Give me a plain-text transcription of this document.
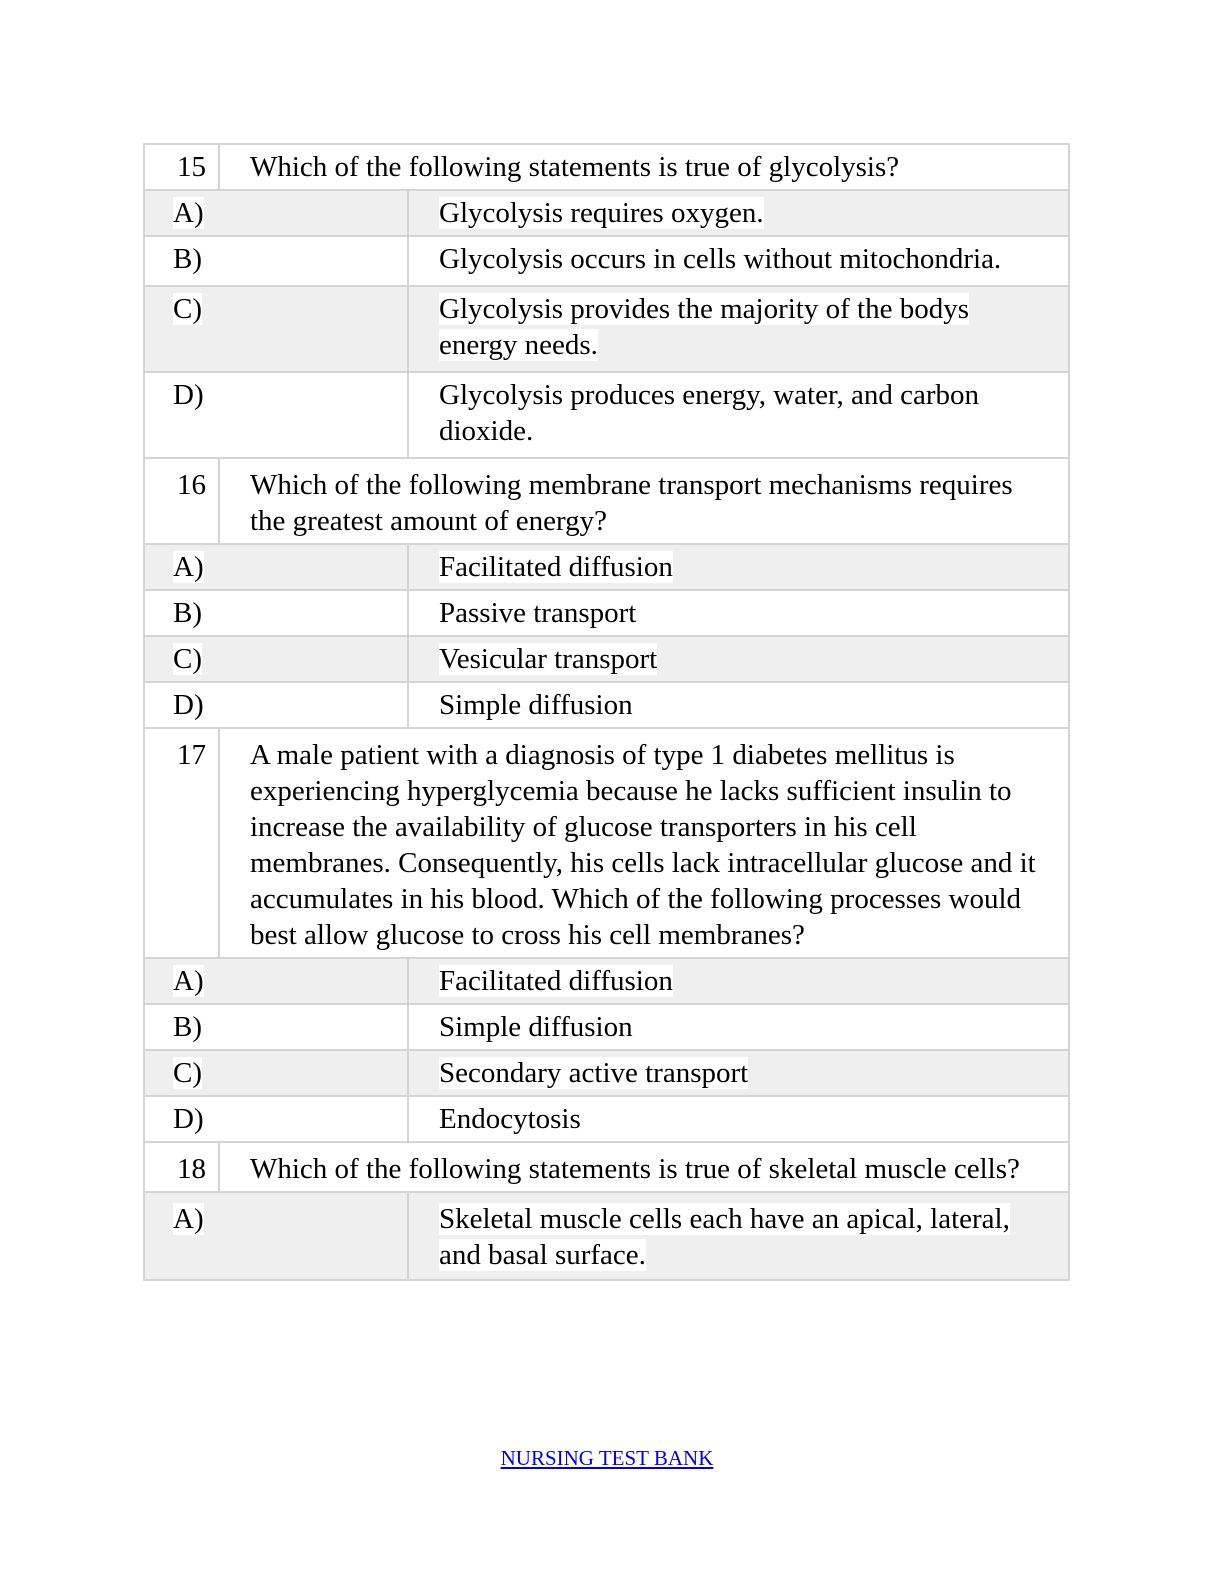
15	Which of the following statements is true of glycolysis?	
A)		Glycolysis requires oxygen.
B)		Glycolysis occurs in cells without mitochondria.
C)		Glycolysis provides the majority of the bodys energy needs.
D)		Glycolysis produces energy, water, and carbon dioxide.
16	Which of the following membrane transport mechanisms requires the greatest amount of energy?	
A)		Facilitated diffusion
B)		Passive transport
C)		Vesicular transport
D)		Simple diffusion
17	A male patient with a diagnosis of type 1 diabetes mellitus is experiencing hyperglycemia because he lacks sufficient insulin to increase the availability of glucose transporters in his cell membranes. Consequently, his cells lack intracellular glucose and it accumulates in his blood. Which of the following processes would best allow glucose to cross his cell membranes?	
A)		Facilitated diffusion
B)		Simple diffusion
C)		Secondary active transport
D)		Endocytosis
18	Which of the following statements is true of skeletal muscle cells?	
A)		Skeletal muscle cells each have an apical, lateral, and basal surface.
NURSING TEST BANK
